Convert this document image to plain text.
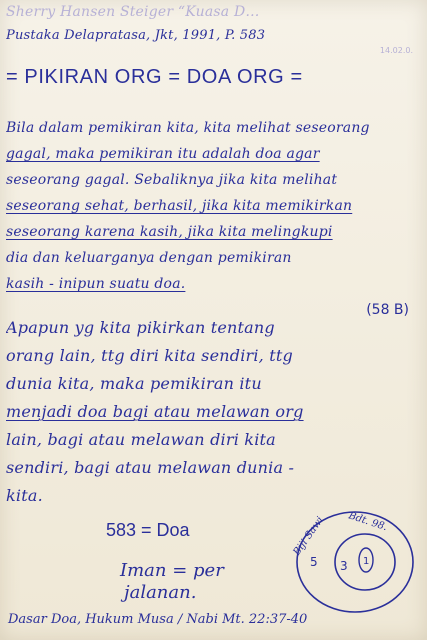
Sherry Hansen Steiger “Kuasa D…
Pustaka Delapratasa, Jkt, 1991, P. 583
14.02.0.
= PIKIRAN ORG = DOA ORG =
Bila dalam pemikiran kita, kita melihat seseorang
gagal, maka pemikiran itu adalah doa agar
seseorang gagal. Sebaliknya jika kita melihat
seseorang sehat, berhasil, jika kita memikirkan
seseorang karena kasih, jika kita melingkupi
dia dan keluarganya dengan pemikiran
kasih - inipun suatu doa.
(58 B)
Apapun yg kita pikirkan tentang
orang lain, ttg diri kita sendiri, ttg
dunia kita, maka pemikiran itu
menjadi doa bagi atau melawan org
lain, bagi atau melawan diri kita
sendiri, bagi atau melawan dunia -
kita.
583 = Doa
Iman = per
jalanan.
Biji Sawi Bdt. 98.
5 3 1
Dasar Doa, Hukum Musa / Nabi Mt. 22:37-40
